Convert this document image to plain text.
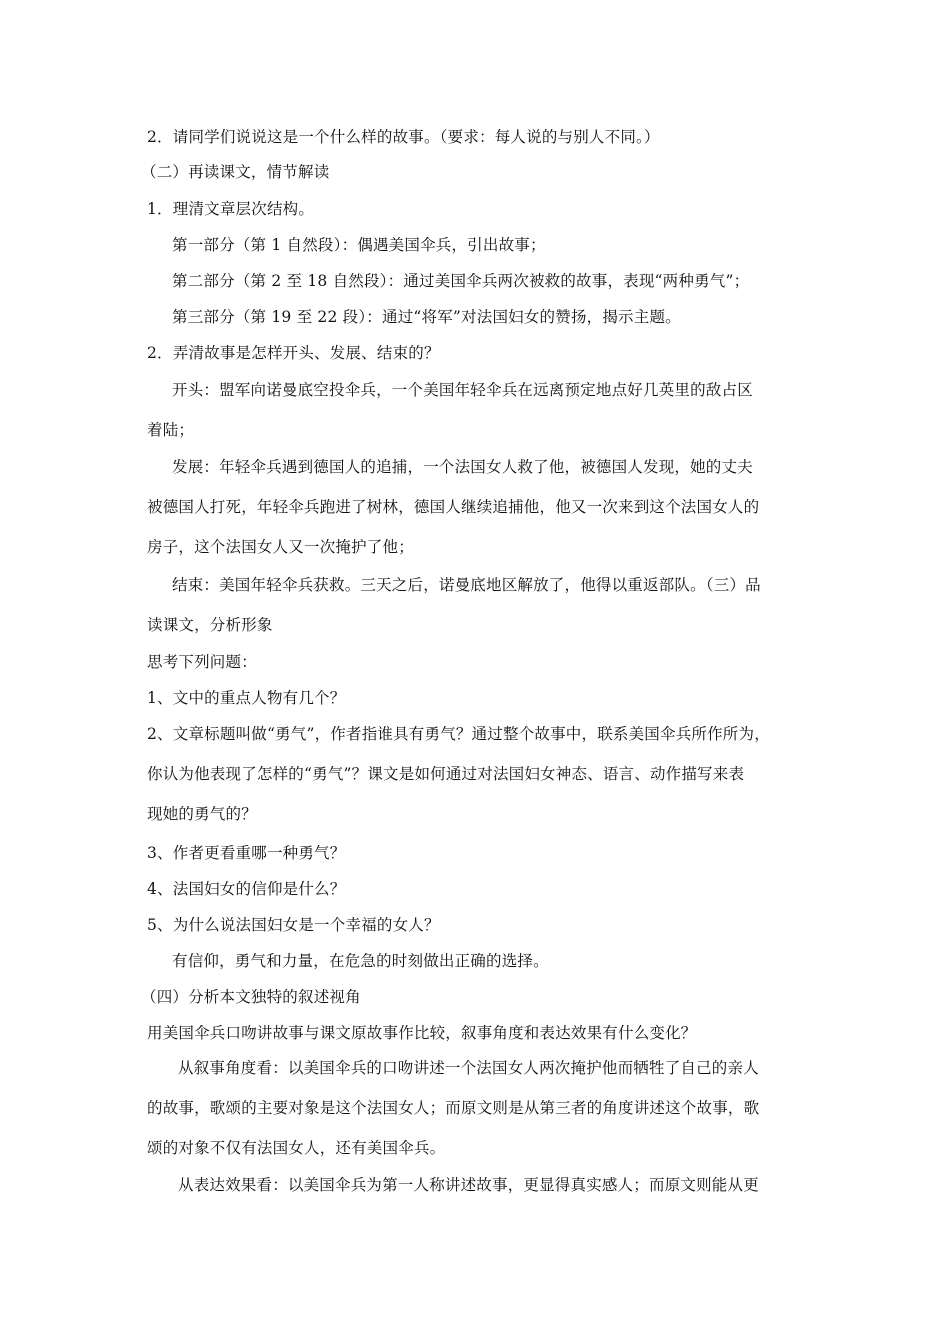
2．请同学们说说这是一个什么样的故事。（要求：每人说的与别人不同。）
（二）再读课文，情节解读
1．理清文章层次结构。
第一部分（第 1 自然段）：偶遇美国伞兵，引出故事；
第二部分（第 2 至 18 自然段）：通过美国伞兵两次被救的故事，表现“两种勇气”；
第三部分（第 19 至 22 段）：通过“将军”对法国妇女的赞扬，揭示主题。
2．弄清故事是怎样开头、发展、结束的？
开头：盟军向诺曼底空投伞兵，一个美国年轻伞兵在远离预定地点好几英里的敌占区
着陆；
发展：年轻伞兵遇到德国人的追捕，一个法国女人救了他，被德国人发现，她的丈夫
被德国人打死，年轻伞兵跑进了树林，德国人继续追捕他，他又一次来到这个法国女人的
房子，这个法国女人又一次掩护了他；
结束：美国年轻伞兵获救。三天之后，诺曼底地区解放了，他得以重返部队。（三）品
读课文，分析形象
思考下列问题：
1、文中的重点人物有几个？
2、文章标题叫做“勇气”，作者指谁具有勇气？通过整个故事中，联系美国伞兵所作所为，
你认为他表现了怎样的“勇气”？课文是如何通过对法国妇女神态、语言、动作描写来表
现她的勇气的？
3、作者更看重哪一种勇气？
4、法国妇女的信仰是什么？
5、为什么说法国妇女是一个幸福的女人？
有信仰，勇气和力量，在危急的时刻做出正确的选择。
（四）分析本文独特的叙述视角
用美国伞兵口吻讲故事与课文原故事作比较，叙事角度和表达效果有什么变化？
从叙事角度看：以美国伞兵的口吻讲述一个法国女人两次掩护他而牺牲了自己的亲人
的故事，歌颂的主要对象是这个法国女人；而原文则是从第三者的角度讲述这个故事，歌
颂的对象不仅有法国女人，还有美国伞兵。
从表达效果看：以美国伞兵为第一人称讲述故事，更显得真实感人；而原文则能从更
